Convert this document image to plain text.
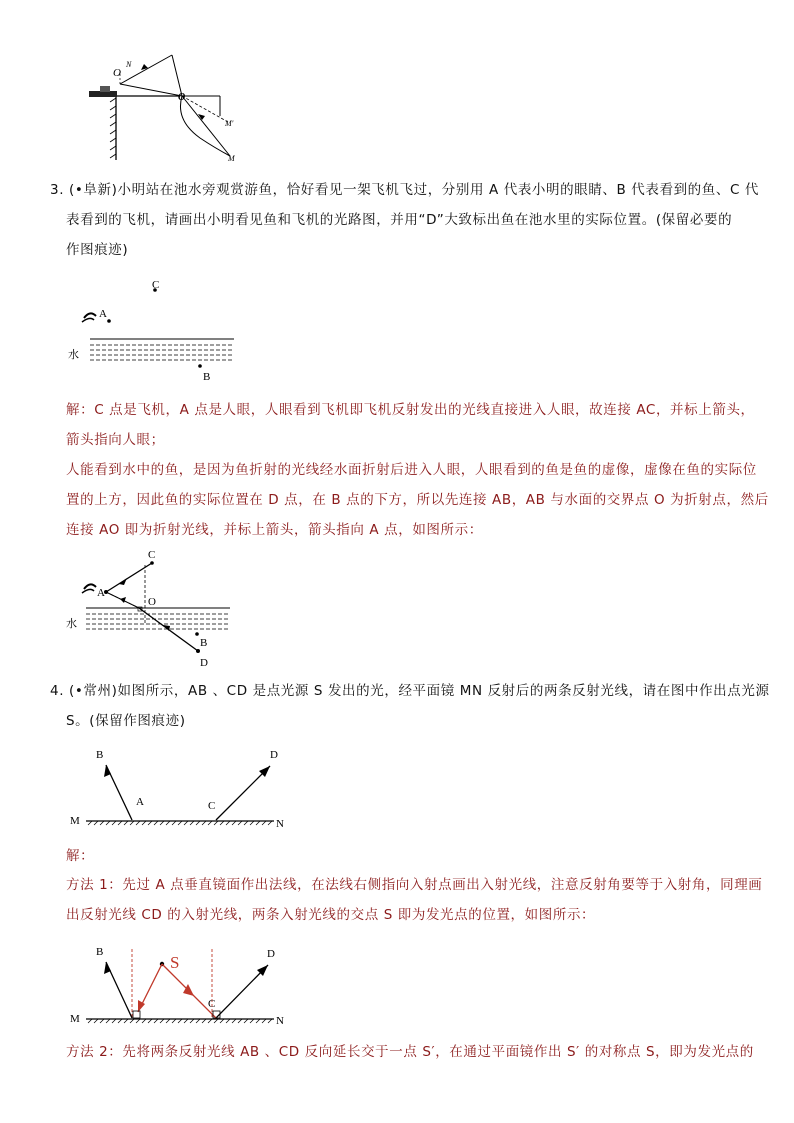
O
N
O
M′
M
3. (•阜新)小明站在池水旁观赏游鱼，恰好看见一架飞机飞过，分别用 A 代表小明的眼睛、B 代表看到的鱼、C 代
表看到的飞机，请画出小明看见鱼和飞机的光路图，并用“D”大致标出鱼在池水里的实际位置。(保留必要的
作图痕迹)
C
A
水
B
解：C 点是飞机，A 点是人眼，人眼看到飞机即飞机反射发出的光线直接进入人眼，故连接 AC，并标上箭头，
箭头指向人眼；
人能看到水中的鱼，是因为鱼折射的光线经水面折射后进入人眼，人眼看到的鱼是鱼的虚像，虚像在鱼的实际位
置的上方，因此鱼的实际位置在 D 点，在 B 点的下方，所以先连接 AB，AB 与水面的交界点 O 为折射点，然后
连接 AO 即为折射光线，并标上箭头，箭头指向 A 点，如图所示：
C
A
O
水
B
D
4. (•常州)如图所示，AB 、CD 是点光源 S 发出的光，经平面镜 MN 反射后的两条反射光线，请在图中作出点光源
S。(保留作图痕迹)
B	D
A	C
M	N
解：
方法 1：先过 A 点垂直镜面作出法线，在法线右侧指向入射点画出入射光线，注意反射角要等于入射角，同理画
出反射光线 CD 的入射光线，两条入射光线的交点 S 即为发光点的位置，如图所示：
B	D
S
C
M	N
方法 2：先将两条反射光线 AB 、CD 反向延长交于一点 S′，在通过平面镜作出 S′ 的对称点 S，即为发光点的
